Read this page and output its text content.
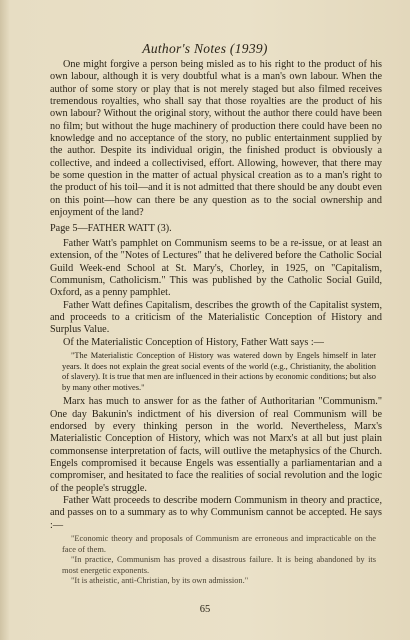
Author's Notes (1939)

One might forgive a person being misled as to his right to the product of his own labour, although it is very doubtful what is a man's own labour. When the author of some story or play that is not merely staged but also filmed receives tremendous royalties, who shall say that those royalties are the product of his own labour? Without the original story, without the author there could have been no film; but without the huge machinery of production there could have been no knowledge and no acceptance of the story, no public entertainment supplied by the author. Despite its individual origin, the finished product is obviously a collective, and indeed a collectivised, effort. Allowing, however, that there may be some question in the matter of actual physical creation as to a man's right to the product of his toil—and it is not admitted that there should be any doubt even on this point—how can there be any question as to the social ownership and enjoyment of the land?

Page 5—FATHER WATT (3).

Father Watt's pamphlet on Communism seems to be a re-issue, or at least an extension, of the "Notes of Lectures" that he delivered before the Catholic Social Guild Week-end School at St. Mary's, Chorley, in 1925, on "Capitalism, Communism, Catholicism." This was published by the Catholic Social Guild, Oxford, as a penny pamphlet.

Father Watt defines Capitalism, describes the growth of the Capitalist system, and proceeds to a criticism of the Materialistic Conception of History and Surplus Value.

Of the Materialistic Conception of History, Father Watt says :—

"The Materialistic Conception of History was watered down by Engels himself in later years. It does not explain the great social events of the world (e.g., Christianity, the abolition of slavery). It is true that men are influenced in their actions by economic conditions; but also by many other motives."

Marx has much to answer for as the father of Authoritarian "Communism." One day Bakunin's indictment of his diversion of real Communism will be endorsed by every thinking person in the world. Nevertheless, Marx's Materialistic Conception of History, which was not Marx's at all but just plain commonsense interpretation of facts, will outlive the metaphysics of the Church. Engels compromised it because Engels was essentially a parliamentarian and a compromiser, and hesitated to face the realities of social revolution and the logic of the people's struggle.

Father Watt proceeds to describe modern Communism in theory and practice, and passes on to a summary as to why Communism cannot be accepted. He says :—

"Economic theory and proposals of Communism are erroneous and impracticable on the face of them.

"In practice, Communism has proved a disastrous failure. It is being abandoned by its most energetic exponents.

"It is atheistic, anti-Christian, by its own admission."

65
